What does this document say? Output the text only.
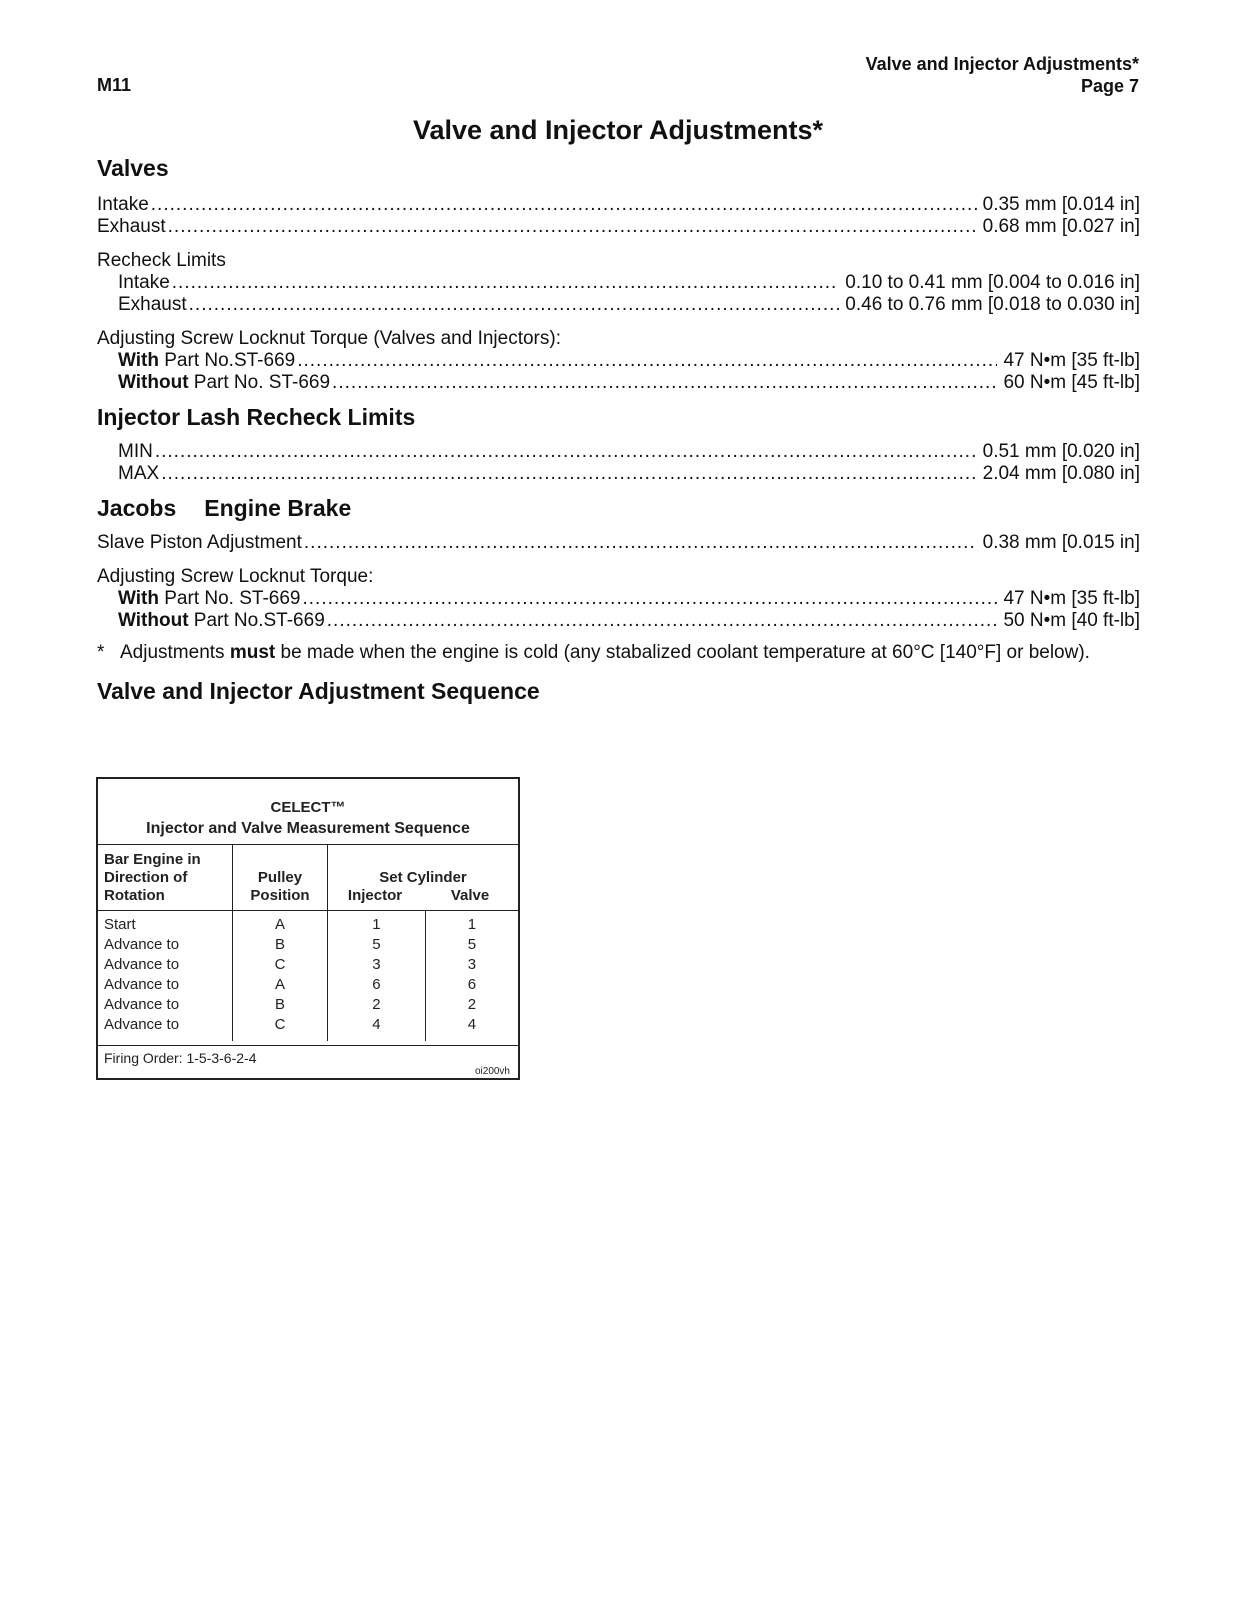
M11
Valve and Injector Adjustments*
Page 7
Valve and Injector Adjustments*
Valves
Intake .....	0.35 mm [0.014 in]
Exhaust .....	0.68 mm [0.027 in]
Recheck Limits
Intake .....	0.10 to 0.41 mm [0.004 to 0.016 in]
Exhaust .....	0.46 to 0.76 mm [0.018 to 0.030 in]
Adjusting Screw Locknut Torque (Valves and Injectors):
With Part No.ST-669 .....	47 N•m [35 ft-lb]
Without Part No. ST-669 .....	60 N•m [45 ft-lb]
Injector Lash Recheck Limits
MIN .....	0.51 mm [0.020 in]
MAX .....	2.04 mm [0.080 in]
Jacobs Engine Brake
Slave Piston Adjustment .....	0.38 mm [0.015 in]
Adjusting Screw Locknut Torque:
With Part No. ST-669 .....	47 N•m [35 ft-lb]
Without Part No.ST-669 .....	50 N•m [40 ft-lb]
* Adjustments must be made when the engine is cold (any stabalized coolant temperature at 60°C [140°F] or below).
Valve and Injector Adjustment Sequence
CELECT™
Injector and Valve Measurement Sequence
Bar Engine in Direction of Rotation	Pulley Position	Set Cylinder
Injector Valve	

Start	A	1	1
Advance to	B	5	5
Advance to	C	3	3
Advance to	A	6	6
Advance to	B	2	2
Advance to	C	4	4
Firing Order: 1-5-3-6-2-4
oi200vh
